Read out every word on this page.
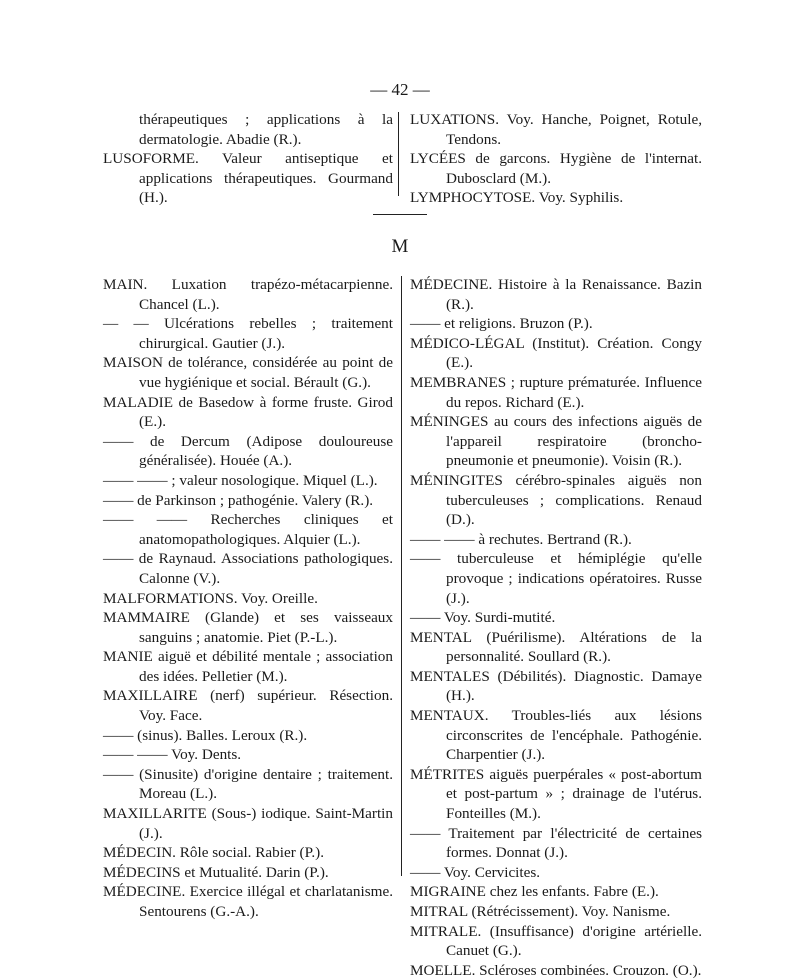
— 42 —

thérapeutiques ; applications à la dermatologie. Abadie (R.).

LUSOFORME. Valeur antiseptique et applications thérapeutiques. Gourmand (H.).

LUXATIONS. Voy. Hanche, Poignet, Rotule, Tendons.

LYCÉES de garcons. Hygiène de l'internat. Dubosclard (M.).

LYMPHOCYTOSE. Voy. Syphilis.

M

MAIN. Luxation trapézo-métacarpienne. Chancel (L.).

— — Ulcérations rebelles ; traitement chirurgical. Gautier (J.).

MAISON de tolérance, considérée au point de vue hygiénique et social. Bérault (G.).

MALADIE de Basedow à forme fruste. Girod (E.).

—— de Dercum (Adipose douloureuse généralisée). Houée (A.).

—— —— ; valeur nosologique. Miquel (L.).

—— de Parkinson ; pathogénie. Valery (R.).

—— —— Recherches cliniques et anatomopathologiques. Alquier (L.).

—— de Raynaud. Associations pathologiques. Calonne (V.).

MALFORMATIONS. Voy. Oreille.

MAMMAIRE (Glande) et ses vaisseaux sanguins ; anatomie. Piet (P.-L.).

MANIE aiguë et débilité mentale ; association des idées. Pelletier (M.).

MAXILLAIRE (nerf) supérieur. Résection. Voy. Face.

—— (sinus). Balles. Leroux (R.).

—— —— Voy. Dents.

—— (Sinusite) d'origine dentaire ; traitement. Moreau (L.).

MAXILLARITE (Sous-) iodique. Saint-Martin (J.).

MÉDECIN. Rôle social. Rabier (P.).

MÉDECINS et Mutualité. Darin (P.).

MÉDECINE. Exercice illégal et charlatanisme. Sentourens (G.-A.).

MÉDECINE. Histoire à la Renaissance. Bazin (R.).

—— et religions. Bruzon (P.).

MÉDICO-LÉGAL (Institut). Création. Congy (E.).

MEMBRANES ; rupture prématurée. Influence du repos. Richard (E.).

MÉNINGES au cours des infections aiguës de l'appareil respiratoire (broncho-pneumonie et pneumonie). Voisin (R.).

MÉNINGITES cérébro-spinales aiguës non tuberculeuses ; complications. Renaud (D.).

—— —— à rechutes. Bertrand (R.).

—— tuberculeuse et hémiplégie qu'elle provoque ; indications opératoires. Russe (J.).

—— Voy. Surdi-mutité.

MENTAL (Puérilisme). Altérations de la personnalité. Soullard (R.).

MENTALES (Débilités). Diagnostic. Damaye (H.).

MENTAUX. Troubles-liés aux lésions circonscrites de l'encéphale. Pathogénie. Charpentier (J.).

MÉTRITES aiguës puerpérales « post-abortum et post-partum » ; drainage de l'utérus. Fonteilles (M.).

—— Traitement par l'électricité de certaines formes. Donnat (J.).

—— Voy. Cervicites.

MIGRAINE chez les enfants. Fabre (E.).

MITRAL (Rétrécissement). Voy. Nanisme.

MITRALE. (Insuffisance) d'origine artérielle. Canuet (G.).

MOELLE. Scléroses combinées. Crouzon. (O.).
